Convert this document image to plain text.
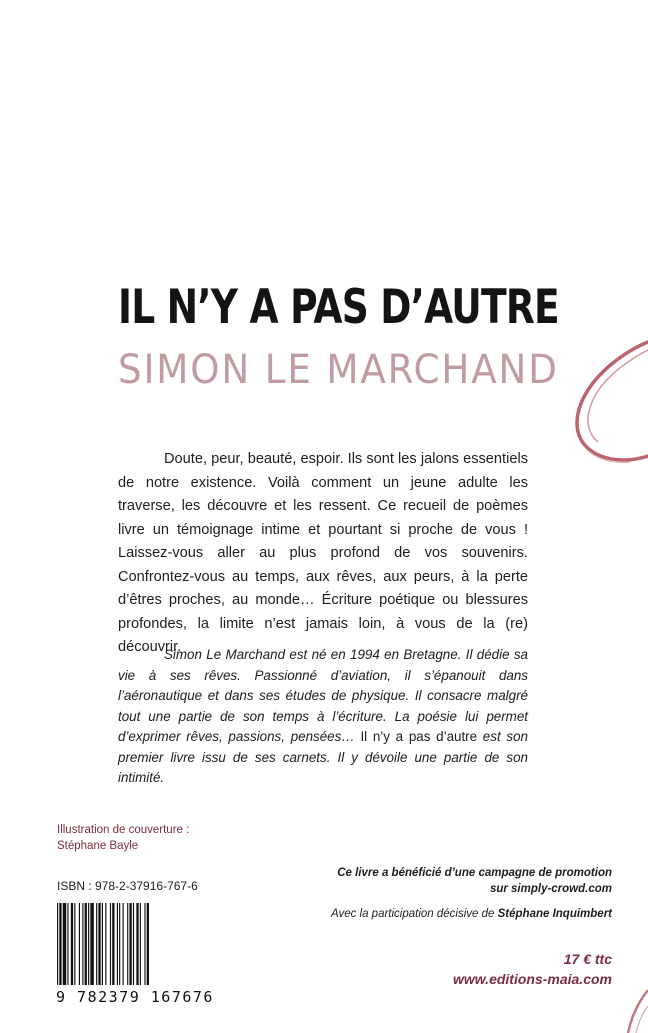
IL N’Y A PAS D’AUTRE
SIMON LE MARCHAND

Doute, peur, beauté, espoir. Ils sont les jalons essentiels de notre existence. Voilà comment un jeune adulte les traverse, les découvre et les ressent. Ce recueil de poèmes livre un témoignage intime et pourtant si proche de vous ! Laissez-vous aller au plus profond de vos souvenirs. Confrontez-vous au temps, aux rêves, aux peurs, à la perte d’êtres proches, au monde… Écriture poétique ou blessures profondes, la limite n’est jamais loin, à vous de la (re) découvrir.

Simon Le Marchand est né en 1994 en Bretagne. Il dédie sa vie à ses rêves. Passionné d’aviation, il s’épanouit dans l’aéronautique et dans ses études de physique. Il consacre malgré tout une partie de son temps à l’écriture. La poésie lui permet d’exprimer rêves, passions, pensées… Il n’y a pas d’autre est son premier livre issu de ses carnets. Il y dévoile une partie de son intimité.

Illustration de couverture :
Stéphane Bayle
ISBN : 978-2-37916-767-6
9 782379 167676
Ce livre a bénéficié d’une campagne de promotion
sur simply-crowd.com
Avec la participation décisive de Stéphane Inquimbert
17 € ttc
www.editions-maia.com
